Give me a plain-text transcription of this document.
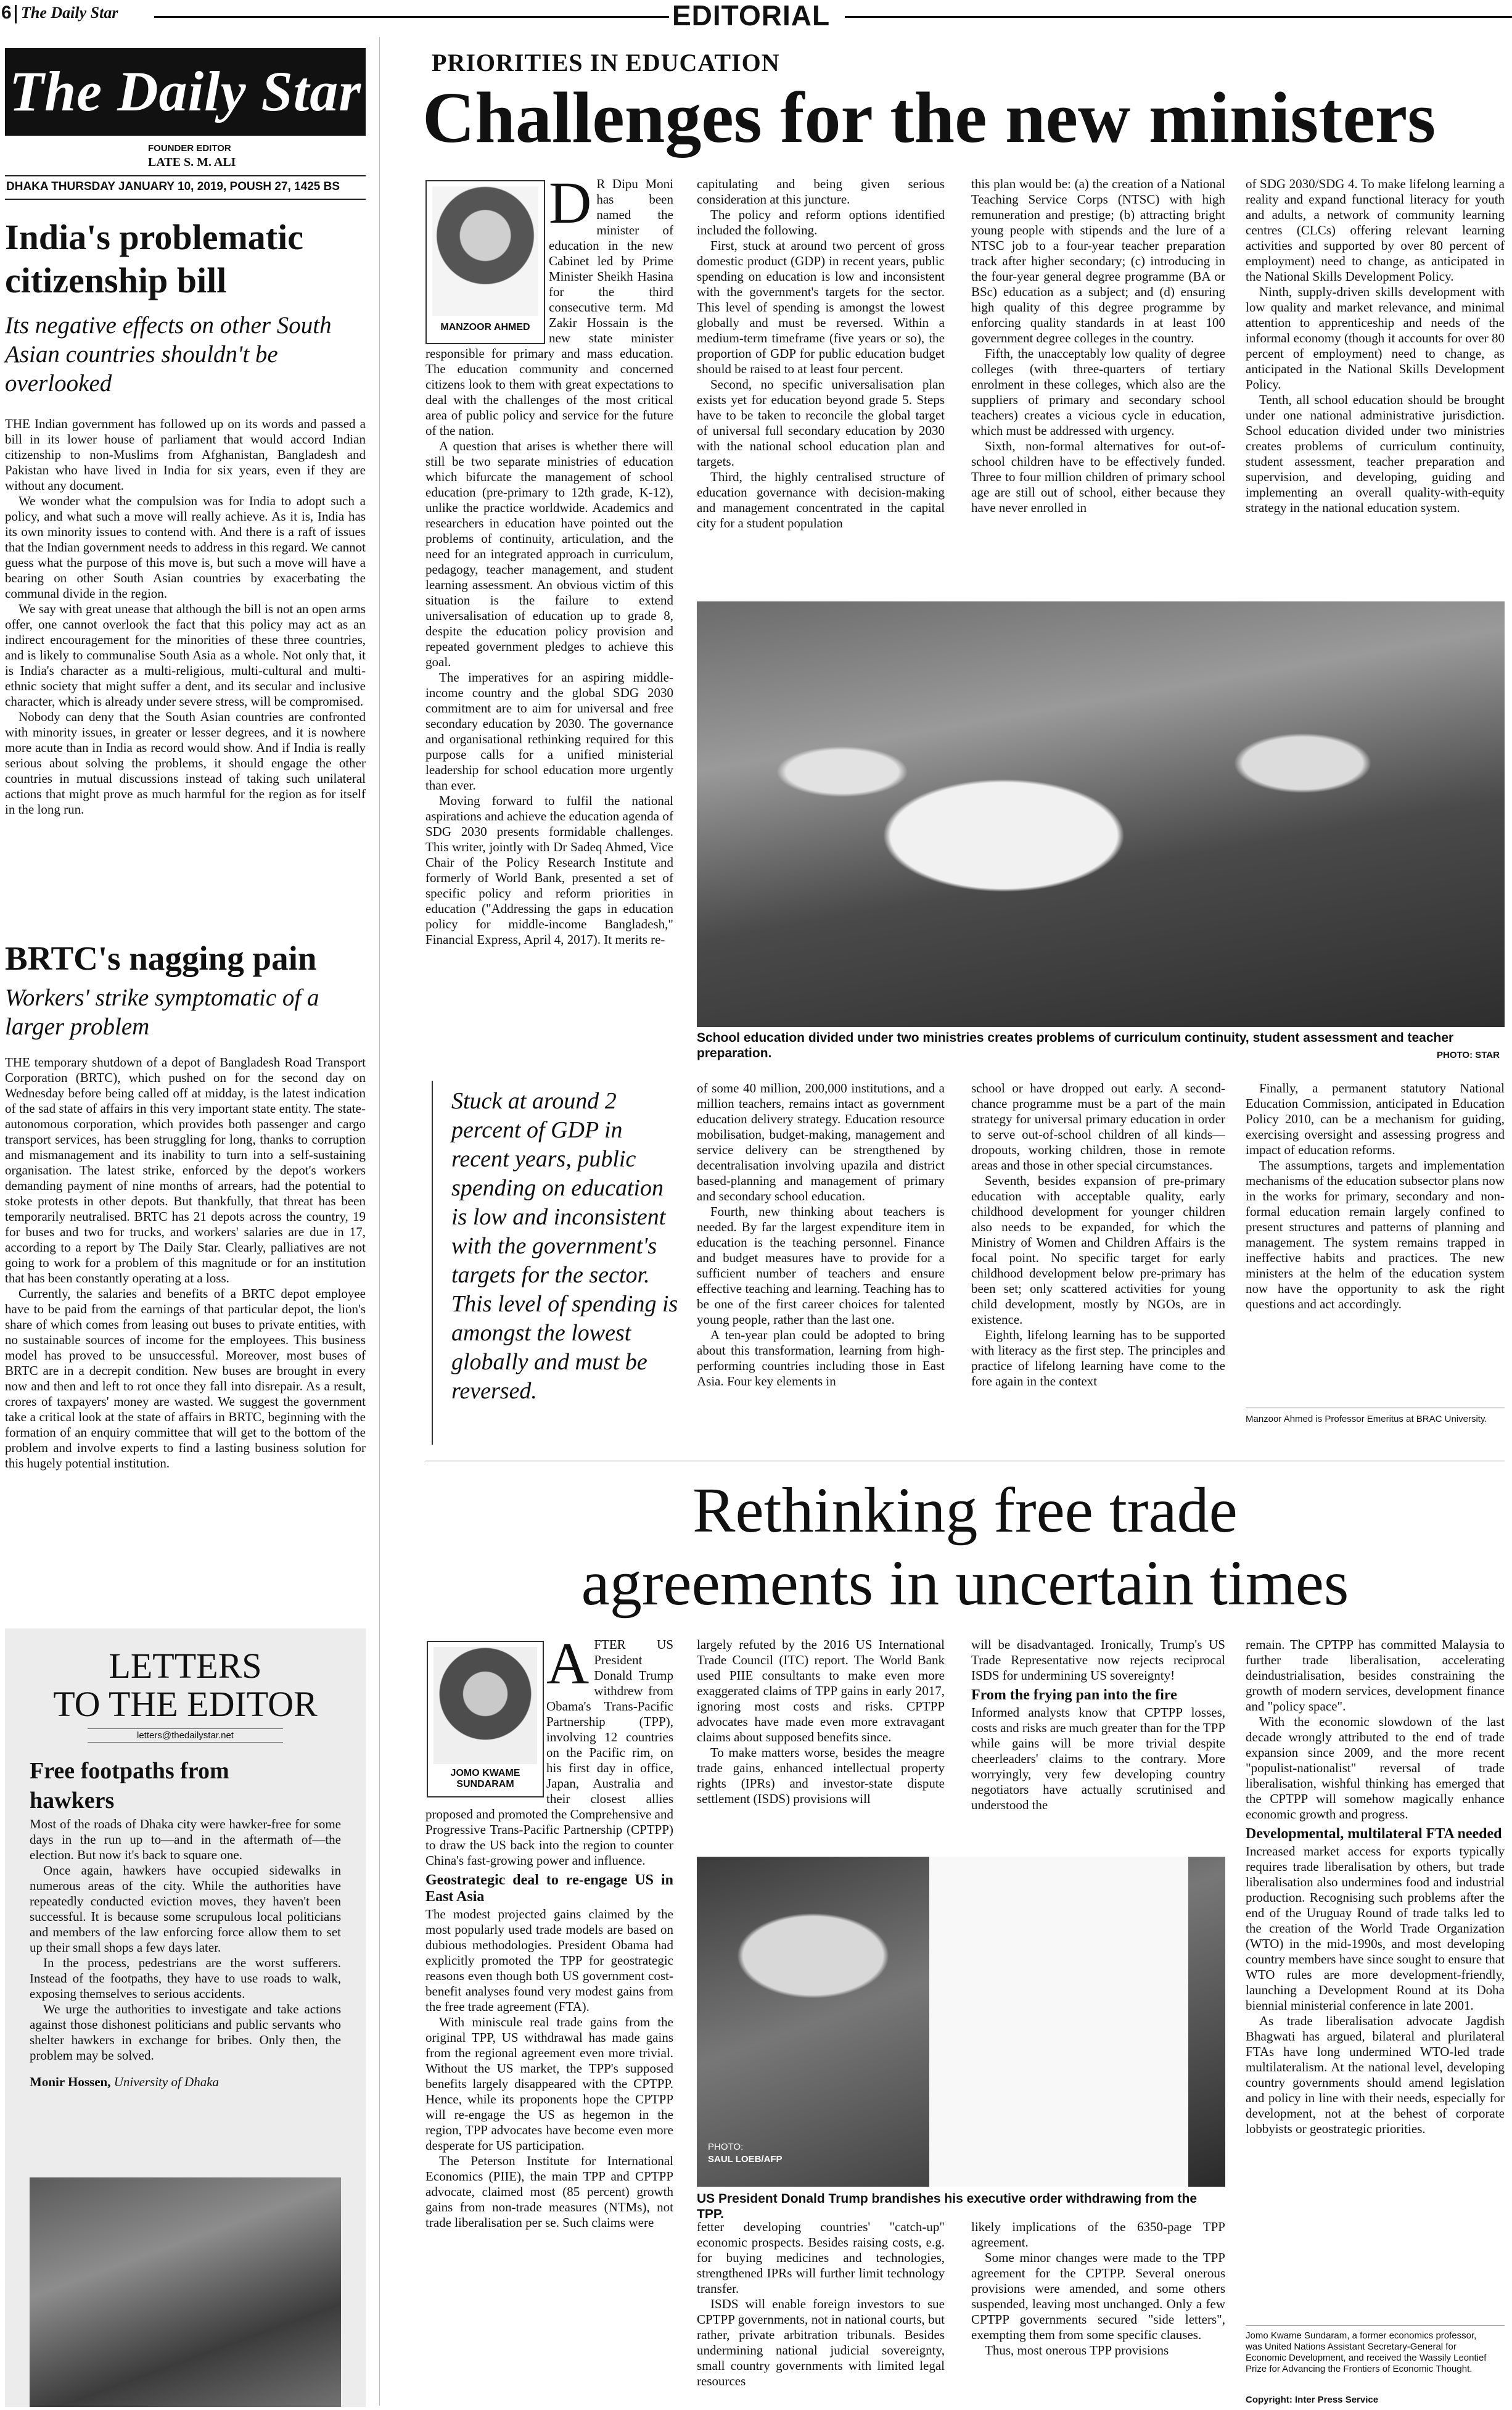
6 The Daily Star	EDITORIAL
The Daily Star
FOUNDER EDITOR
LATE S. M. ALI
DHAKA THURSDAY JANUARY 10, 2019, POUSH 27, 1425 BS
India's problematic citizenship bill
Its negative effects on other South Asian countries shouldn't be overlooked

THE Indian government has followed up on its words and passed a bill in its lower house of parliament that would accord Indian citizenship to non-Muslims from Afghanistan, Bangladesh and Pakistan who have lived in India for six years, even if they are without any document.

We wonder what the compulsion was for India to adopt such a policy, and what such a move will really achieve. As it is, India has its own minority issues to contend with. And there is a raft of issues that the Indian government needs to address in this regard. We cannot guess what the purpose of this move is, but such a move will have a bearing on other South Asian countries by exacerbating the communal divide in the region.

We say with great unease that although the bill is not an open arms offer, one cannot overlook the fact that this policy may act as an indirect encouragement for the minorities of these three countries, and is likely to communalise South Asia as a whole. Not only that, it is India's character as a multi-religious, multi-cultural and multi-ethnic society that might suffer a dent, and its secular and inclusive character, which is already under severe stress, will be compromised.

Nobody can deny that the South Asian countries are confronted with minority issues, in greater or lesser degrees, and it is nowhere more acute than in India as record would show. And if India is really serious about solving the problems, it should engage the other countries in mutual discussions instead of taking such unilateral actions that might prove as much harmful for the region as for itself in the long run.

BRTC's nagging pain
Workers' strike symptomatic of a larger problem

THE temporary shutdown of a depot of Bangladesh Road Transport Corporation (BRTC), which pushed on for the second day on Wednesday before being called off at midday, is the latest indication of the sad state of affairs in this very important state entity. The state-autonomous corporation, which provides both passenger and cargo transport services, has been struggling for long, thanks to corruption and mismanagement and its inability to turn into a self-sustaining organisation. The latest strike, enforced by the depot's workers demanding payment of nine months of arrears, had the potential to stoke protests in other depots. But thankfully, that threat has been temporarily neutralised. BRTC has 21 depots across the country, 19 for buses and two for trucks, and workers' salaries are due in 17, according to a report by The Daily Star. Clearly, palliatives are not going to work for a problem of this magnitude or for an institution that has been constantly operating at a loss.

Currently, the salaries and benefits of a BRTC depot employee have to be paid from the earnings of that particular depot, the lion's share of which comes from leasing out buses to private entities, with no sustainable sources of income for the employees. This business model has proved to be unsuccessful. Moreover, most buses of BRTC are in a decrepit condition. New buses are brought in every now and then and left to rot once they fall into disrepair. As a result, crores of taxpayers' money are wasted. We suggest the government take a critical look at the state of affairs in BRTC, beginning with the formation of an enquiry committee that will get to the bottom of the problem and involve experts to find a lasting business solution for this hugely potential institution.

LETTERS
TO THE EDITOR
letters@thedailystar.net
Free footpaths from hawkers

Most of the roads of Dhaka city were hawker-free for some days in the run up to—and in the aftermath of—the election. But now it's back to square one.

Once again, hawkers have occupied sidewalks in numerous areas of the city. While the authorities have repeatedly conducted eviction moves, they haven't been successful. It is because some scrupulous local politicians and members of the law enforcing force allow them to set up their small shops a few days later.

In the process, pedestrians are the worst sufferers. Instead of the footpaths, they have to use roads to walk, exposing themselves to serious accidents.

We urge the authorities to investigate and take actions against those dishonest politicians and public servants who shelter hawkers in exchange for bribes. Only then, the problem may be solved.

Monir Hossen, University of Dhaka
PRIORITIES IN EDUCATION
Challenges for the new ministers
MANZOOR AHMED
D R Dipu Moni has been named the minister of education in the new Cabinet led by Prime Minister Sheikh Hasina for the third consecutive term. Md Zakir Hossain is the new state minister responsible for primary and mass education. The education community and concerned citizens look to them with great expectations to deal with the challenges of the most critical area of public policy and service for the future of the nation.

A question that arises is whether there will still be two separate ministries of education which bifurcate the management of school education (pre-primary to 12th grade, K-12), unlike the practice worldwide. Academics and researchers in education have pointed out the problems of continuity, articulation, and the need for an integrated approach in curriculum, pedagogy, teacher management, and student learning assessment. An obvious victim of this situation is the failure to extend universalisation of education up to grade 8, despite the education policy provision and repeated government pledges to achieve this goal.

The imperatives for an aspiring middle-income country and the global SDG 2030 commitment are to aim for universal and free secondary education by 2030. The governance and organisational rethinking required for this purpose calls for a unified ministerial leadership for school education more urgently than ever.

Moving forward to fulfil the national aspirations and achieve the education agenda of SDG 2030 presents formidable challenges. This writer, jointly with Dr Sadeq Ahmed, Vice Chair of the Policy Research Institute and formerly of World Bank, presented a set of specific policy and reform priorities in education ("Addressing the gaps in education policy for middle-income Bangladesh," Financial Express, April 4, 2017). It merits re-

capitulating and being given serious consideration at this juncture.

The policy and reform options identified included the following.

First, stuck at around two percent of gross domestic product (GDP) in recent years, public spending on education is low and inconsistent with the government's targets for the sector. This level of spending is amongst the lowest globally and must be reversed. Within a medium-term timeframe (five years or so), the proportion of GDP for public education budget should be raised to at least four percent.

Second, no specific universalisation plan exists yet for education beyond grade 5. Steps have to be taken to reconcile the global target of universal full secondary education by 2030 with the national school education plan and targets.

Third, the highly centralised structure of education governance with decision-making and management concentrated in the capital city for a student population

this plan would be: (a) the creation of a National Teaching Service Corps (NTSC) with high remuneration and prestige; (b) attracting bright young people with stipends and the lure of a NTSC job to a four-year teacher preparation track after higher secondary; (c) introducing in the four-year general degree programme (BA or BSc) education as a subject; and (d) ensuring high quality of this degree programme by enforcing quality standards in at least 100 government degree colleges in the country.

Fifth, the unacceptably low quality of degree colleges (with three-quarters of tertiary enrolment in these colleges, which also are the suppliers of primary and secondary school teachers) creates a vicious cycle in education, which must be addressed with urgency.

Sixth, non-formal alternatives for out-of-school children have to be effectively funded. Three to four million children of primary school age are still out of school, either because they have never enrolled in

of SDG 2030/SDG 4. To make lifelong learning a reality and expand functional literacy for youth and adults, a network of community learning centres (CLCs) offering relevant learning activities and supported by over 80 percent of employment) need to change, as anticipated in the National Skills Development Policy.

Ninth, supply-driven skills development with low quality and market relevance, and minimal attention to apprenticeship and needs of the informal economy (though it accounts for over 80 percent of employment) need to change, as anticipated in the National Skills Development Policy.

Tenth, all school education should be brought under one national administrative jurisdiction. School education divided under two ministries creates problems of curriculum continuity, student assessment, teacher preparation and supervision, and developing, guiding and implementing an overall quality-with-equity strategy in the national education system.

School education divided under two ministries creates problems of curriculum continuity, student assessment and teacher preparation.	PHOTO: STAR
Stuck at around 2 percent of GDP in recent years, public spending on education is low and inconsistent with the government's targets for the sector. This level of spending is amongst the lowest globally and must be reversed.

of some 40 million, 200,000 institutions, and a million teachers, remains intact as government education delivery strategy. Education resource mobilisation, budget-making, management and service delivery can be strengthened by decentralisation involving upazila and district based-planning and management of primary and secondary school education.

Fourth, new thinking about teachers is needed. By far the largest expenditure item in education is the teaching personnel. Finance and budget measures have to provide for a sufficient number of teachers and ensure effective teaching and learning. Teaching has to be one of the first career choices for talented young people, rather than the last one.

A ten-year plan could be adopted to bring about this transformation, learning from high-performing countries including those in East Asia. Four key elements in

school or have dropped out early. A second-chance programme must be a part of the main strategy for universal primary education in order to serve out-of-school children of all kinds—dropouts, working children, those in remote areas and those in other special circumstances.

Seventh, besides expansion of pre-primary education with acceptable quality, early childhood development for younger children also needs to be expanded, for which the Ministry of Women and Children Affairs is the focal point. No specific target for early childhood development below pre-primary has been set; only scattered activities for young child development, mostly by NGOs, are in existence.

Eighth, lifelong learning has to be supported with literacy as the first step. The principles and practice of lifelong learning have come to the fore again in the context

Finally, a permanent statutory National Education Commission, anticipated in Education Policy 2010, can be a mechanism for guiding, exercising oversight and assessing progress and impact of education reforms.

The assumptions, targets and implementation mechanisms of the education subsector plans now in the works for primary, secondary and non-formal education remain largely confined to present structures and patterns of planning and management. The system remains trapped in ineffective habits and practices. The new ministers at the helm of the education system now have the opportunity to ask the right questions and act accordingly.

Manzoor Ahmed is Professor Emeritus at BRAC University.
Rethinking free trade
agreements in uncertain times
JOMO KWAME SUNDARAM
A FTER US President Donald Trump withdrew from Obama's Trans-Pacific Partnership (TPP), involving 12 countries on the Pacific rim, on his first day in office, Japan, Australia and their closest allies proposed and promoted the Comprehensive and Progressive Trans-Pacific Partnership (CPTPP) to draw the US back into the region to counter China's fast-growing power and influence.

Geostrategic deal to re-engage US in East Asia

The modest projected gains claimed by the most popularly used trade models are based on dubious methodologies. President Obama had explicitly promoted the TPP for geostrategic reasons even though both US government cost-benefit analyses found very modest gains from the free trade agreement (FTA).

With miniscule real trade gains from the original TPP, US withdrawal has made gains from the regional agreement even more trivial. Without the US market, the TPP's supposed benefits largely disappeared with the CPTPP. Hence, while its proponents hope the CPTPP will re-engage the US as hegemon in the region, TPP advocates have become even more desperate for US participation.

The Peterson Institute for International Economics (PIIE), the main TPP and CPTPP advocate, claimed most (85 percent) growth gains from non-trade measures (NTMs), not trade liberalisation per se. Such claims were

largely refuted by the 2016 US International Trade Council (ITC) report. The World Bank used PIIE consultants to make even more exaggerated claims of TPP gains in early 2017, ignoring most costs and risks. CPTPP advocates have made even more extravagant claims about supposed benefits since.

To make matters worse, besides the meagre trade gains, enhanced intellectual property rights (IPRs) and investor-state dispute settlement (ISDS) provisions will

will be disadvantaged. Ironically, Trump's US Trade Representative now rejects reciprocal ISDS for undermining US sovereignty!

From the frying pan into the fire

Informed analysts know that CPTPP losses, costs and risks are much greater than for the TPP while gains will be more trivial despite cheerleaders' claims to the contrary. More worryingly, very few developing country negotiators have actually scrutinised and understood the

PHOTO:
SAUL LOEB/AFP
US President Donald Trump brandishes his executive order withdrawing from the TPP.

fetter developing countries' "catch-up" economic prospects. Besides raising costs, e.g. for buying medicines and technologies, strengthened IPRs will further limit technology transfer.

ISDS will enable foreign investors to sue CPTPP governments, not in national courts, but rather, private arbitration tribunals. Besides undermining national judicial sovereignty, small country governments with limited legal resources

likely implications of the 6350-page TPP agreement.

Some minor changes were made to the TPP agreement for the CPTPP. Several onerous provisions were amended, and some others suspended, leaving most unchanged. Only a few CPTPP governments secured "side letters", exempting them from some specific clauses.

Thus, most onerous TPP provisions

remain. The CPTPP has committed Malaysia to further trade liberalisation, accelerating deindustrialisation, besides constraining the growth of modern services, development finance and "policy space".

With the economic slowdown of the last decade wrongly attributed to the end of trade expansion since 2009, and the more recent "populist-nationalist" reversal of trade liberalisation, wishful thinking has emerged that the CPTPP will somehow magically enhance economic growth and progress.

Developmental, multilateral FTA needed

Increased market access for exports typically requires trade liberalisation by others, but trade liberalisation also undermines food and industrial production. Recognising such problems after the end of the Uruguay Round of trade talks led to the creation of the World Trade Organization (WTO) in the mid-1990s, and most developing country members have since sought to ensure that WTO rules are more development-friendly, launching a Development Round at its Doha biennial ministerial conference in late 2001.

As trade liberalisation advocate Jagdish Bhagwati has argued, bilateral and plurilateral FTAs have long undermined WTO-led trade multilateralism. At the national level, developing country governments should amend legislation and policy in line with their needs, especially for development, not at the behest of corporate lobbyists or geostrategic priorities.

Jomo Kwame Sundaram, a former economics professor, was United Nations Assistant Secretary-General for Economic Development, and received the Wassily Leontief Prize for Advancing the Frontiers of Economic Thought.
Copyright: Inter Press Service
